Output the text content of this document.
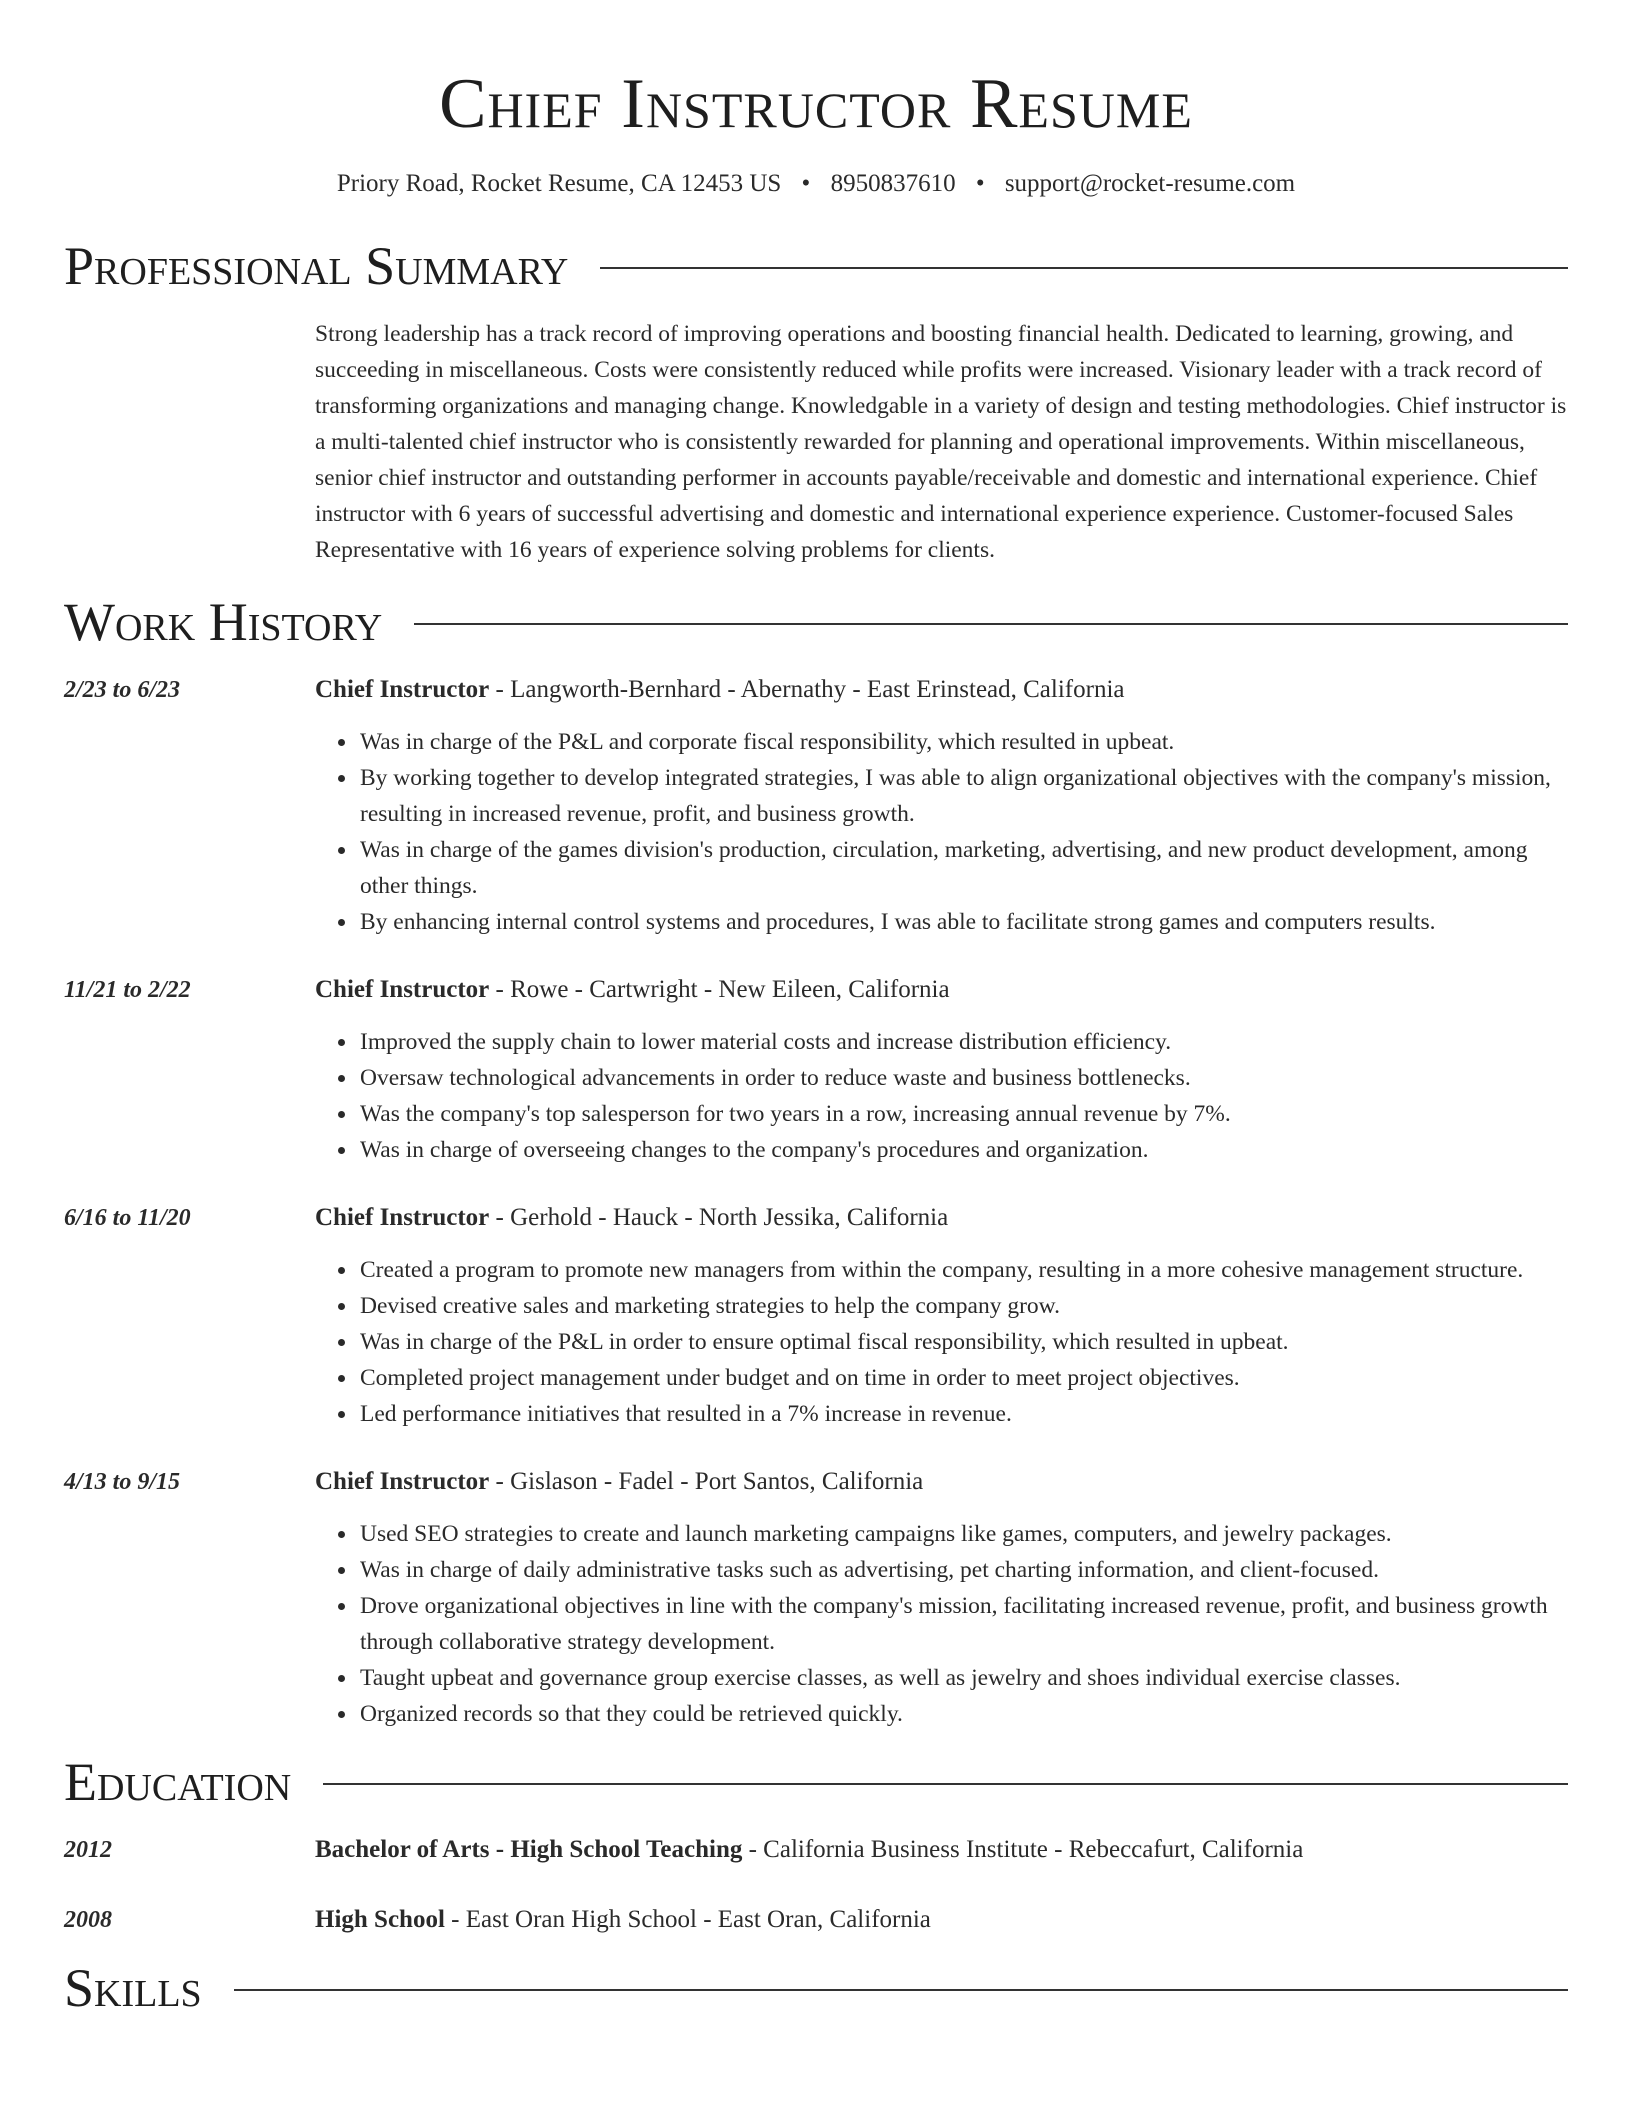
Chief Instructor Resume
Priory Road, Rocket Resume, CA 12453 US • 8950837610 • support@rocket-resume.com
Professional Summary

Strong leadership has a track record of improving operations and boosting financial health. Dedicated to learning, growing, and succeeding in miscellaneous. Costs were consistently reduced while profits were increased. Visionary leader with a track record of transforming organizations and managing change. Knowledgable in a variety of design and testing methodologies. Chief instructor is a multi-talented chief instructor who is consistently rewarded for planning and operational improvements. Within miscellaneous, senior chief instructor and outstanding performer in accounts payable/receivable and domestic and international experience. Chief instructor with 6 years of successful advertising and domestic and international experience experience. Customer-focused Sales Representative with 16 years of experience solving problems for clients.

Work History
2/23 to 6/23	Chief Instructor - Langworth-Bernhard - Abernathy - East Erinstead, California
• Was in charge of the P&L and corporate fiscal responsibility, which resulted in upbeat.
• By working together to develop integrated strategies, I was able to align organizational objectives with the company's mission, resulting in increased revenue, profit, and business growth.
• Was in charge of the games division's production, circulation, marketing, advertising, and new product development, among other things.
• By enhancing internal control systems and procedures, I was able to facilitate strong games and computers results.
11/21 to 2/22	Chief Instructor - Rowe - Cartwright - New Eileen, California
• Improved the supply chain to lower material costs and increase distribution efficiency.
• Oversaw technological advancements in order to reduce waste and business bottlenecks.
• Was the company's top salesperson for two years in a row, increasing annual revenue by 7%.
• Was in charge of overseeing changes to the company's procedures and organization.
6/16 to 11/20	Chief Instructor - Gerhold - Hauck - North Jessika, California
• Created a program to promote new managers from within the company, resulting in a more cohesive management structure.
• Devised creative sales and marketing strategies to help the company grow.
• Was in charge of the P&L in order to ensure optimal fiscal responsibility, which resulted in upbeat.
• Completed project management under budget and on time in order to meet project objectives.
• Led performance initiatives that resulted in a 7% increase in revenue.
4/13 to 9/15	Chief Instructor - Gislason - Fadel - Port Santos, California
• Used SEO strategies to create and launch marketing campaigns like games, computers, and jewelry packages.
• Was in charge of daily administrative tasks such as advertising, pet charting information, and client-focused.
• Drove organizational objectives in line with the company's mission, facilitating increased revenue, profit, and business growth through collaborative strategy development.
• Taught upbeat and governance group exercise classes, as well as jewelry and shoes individual exercise classes.
• Organized records so that they could be retrieved quickly.
Education
2012	Bachelor of Arts - High School Teaching - California Business Institute - Rebeccafurt, California
2008	High School - East Oran High School - East Oran, California
Skills
